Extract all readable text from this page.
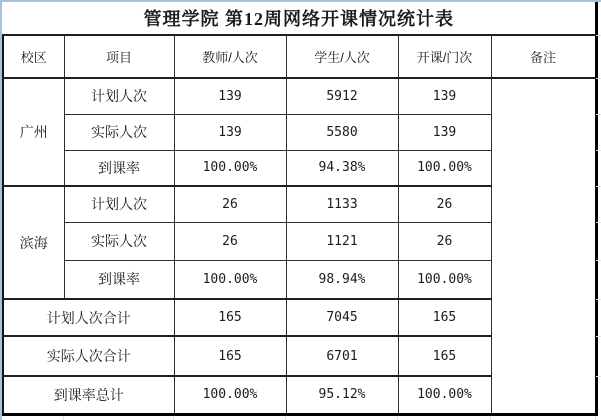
管理学院 第12周网络开课情况统计表					
校区	项目	教师/人次	学生/人次	开课/门次	备注
广州	计划人次	139	5912	139	
	实际人次	139	5580	139	
	到课率	100.00%	94.38%	100.00%	
滨海	计划人次	26	1133	26	
	实际人次	26	1121	26	
	到课率	100.00%	98.94%	100.00%	
计划人次合计		165	7045	165	
实际人次合计		165	6701	165	
到课率总计		100.00%	95.12%	100.00%	
